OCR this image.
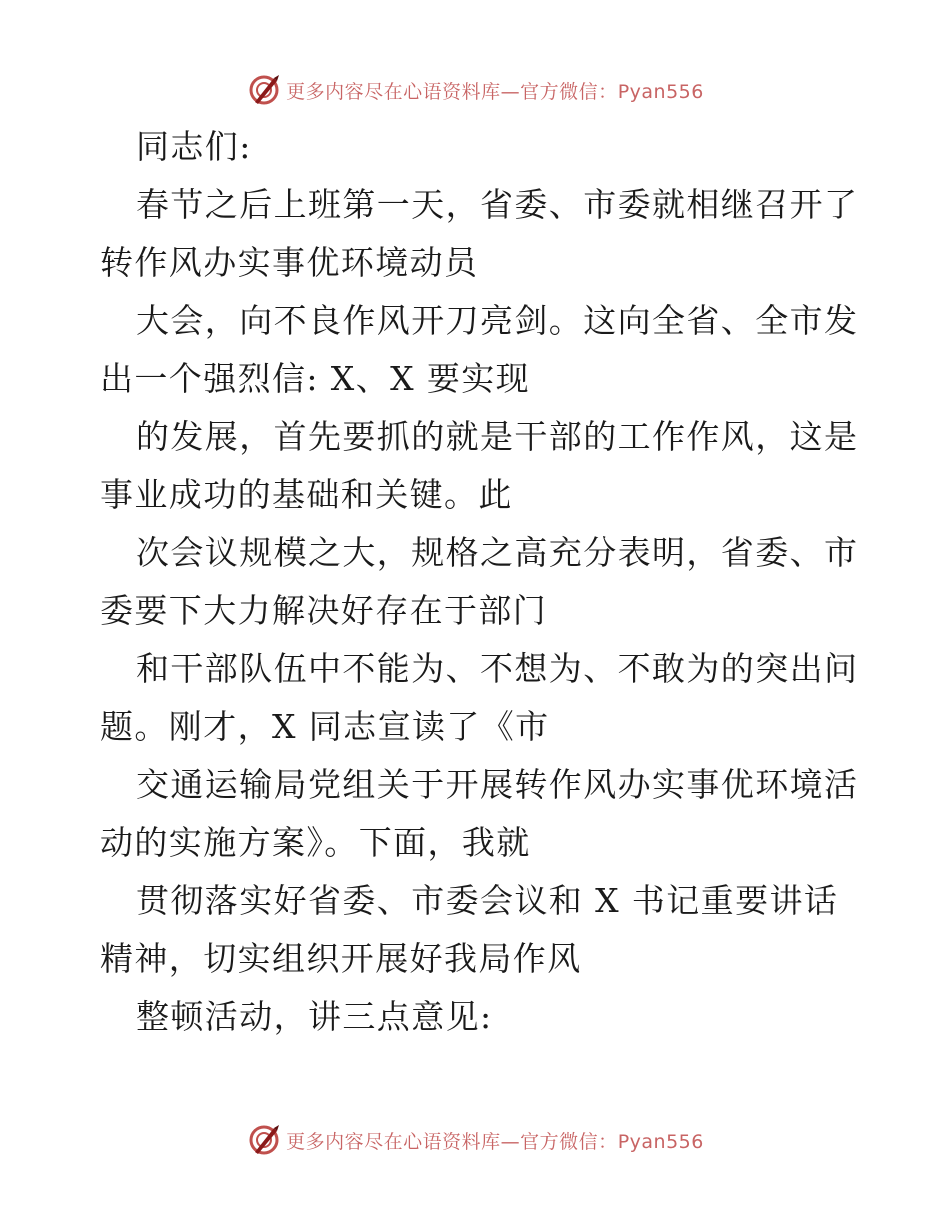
更多内容尽在心语资料库—官方微信：Pyan556
同志们:
春节之后上班第一天，省委、市委就相继召开了
转作风办实事优环境动员
大会，向不良作风开刀亮剑。这向全省、全市发
出一个强烈信: X、X 要实现
的发展，首先要抓的就是干部的工作作风，这是
事业成功的基础和关键。此
次会议规模之大，规格之高充分表明，省委、市
委要下大力解决好存在于部门
和干部队伍中不能为、不想为、不敢为的突出问
题。刚才，X 同志宣读了《市
交通运输局党组关于开展转作风办实事优环境活
动的实施方案》。下面，我就
贯彻落实好省委、市委会议和 X 书记重要讲话
精神，切实组织开展好我局作风
整顿活动，讲三点意见:
更多内容尽在心语资料库—官方微信：Pyan556
